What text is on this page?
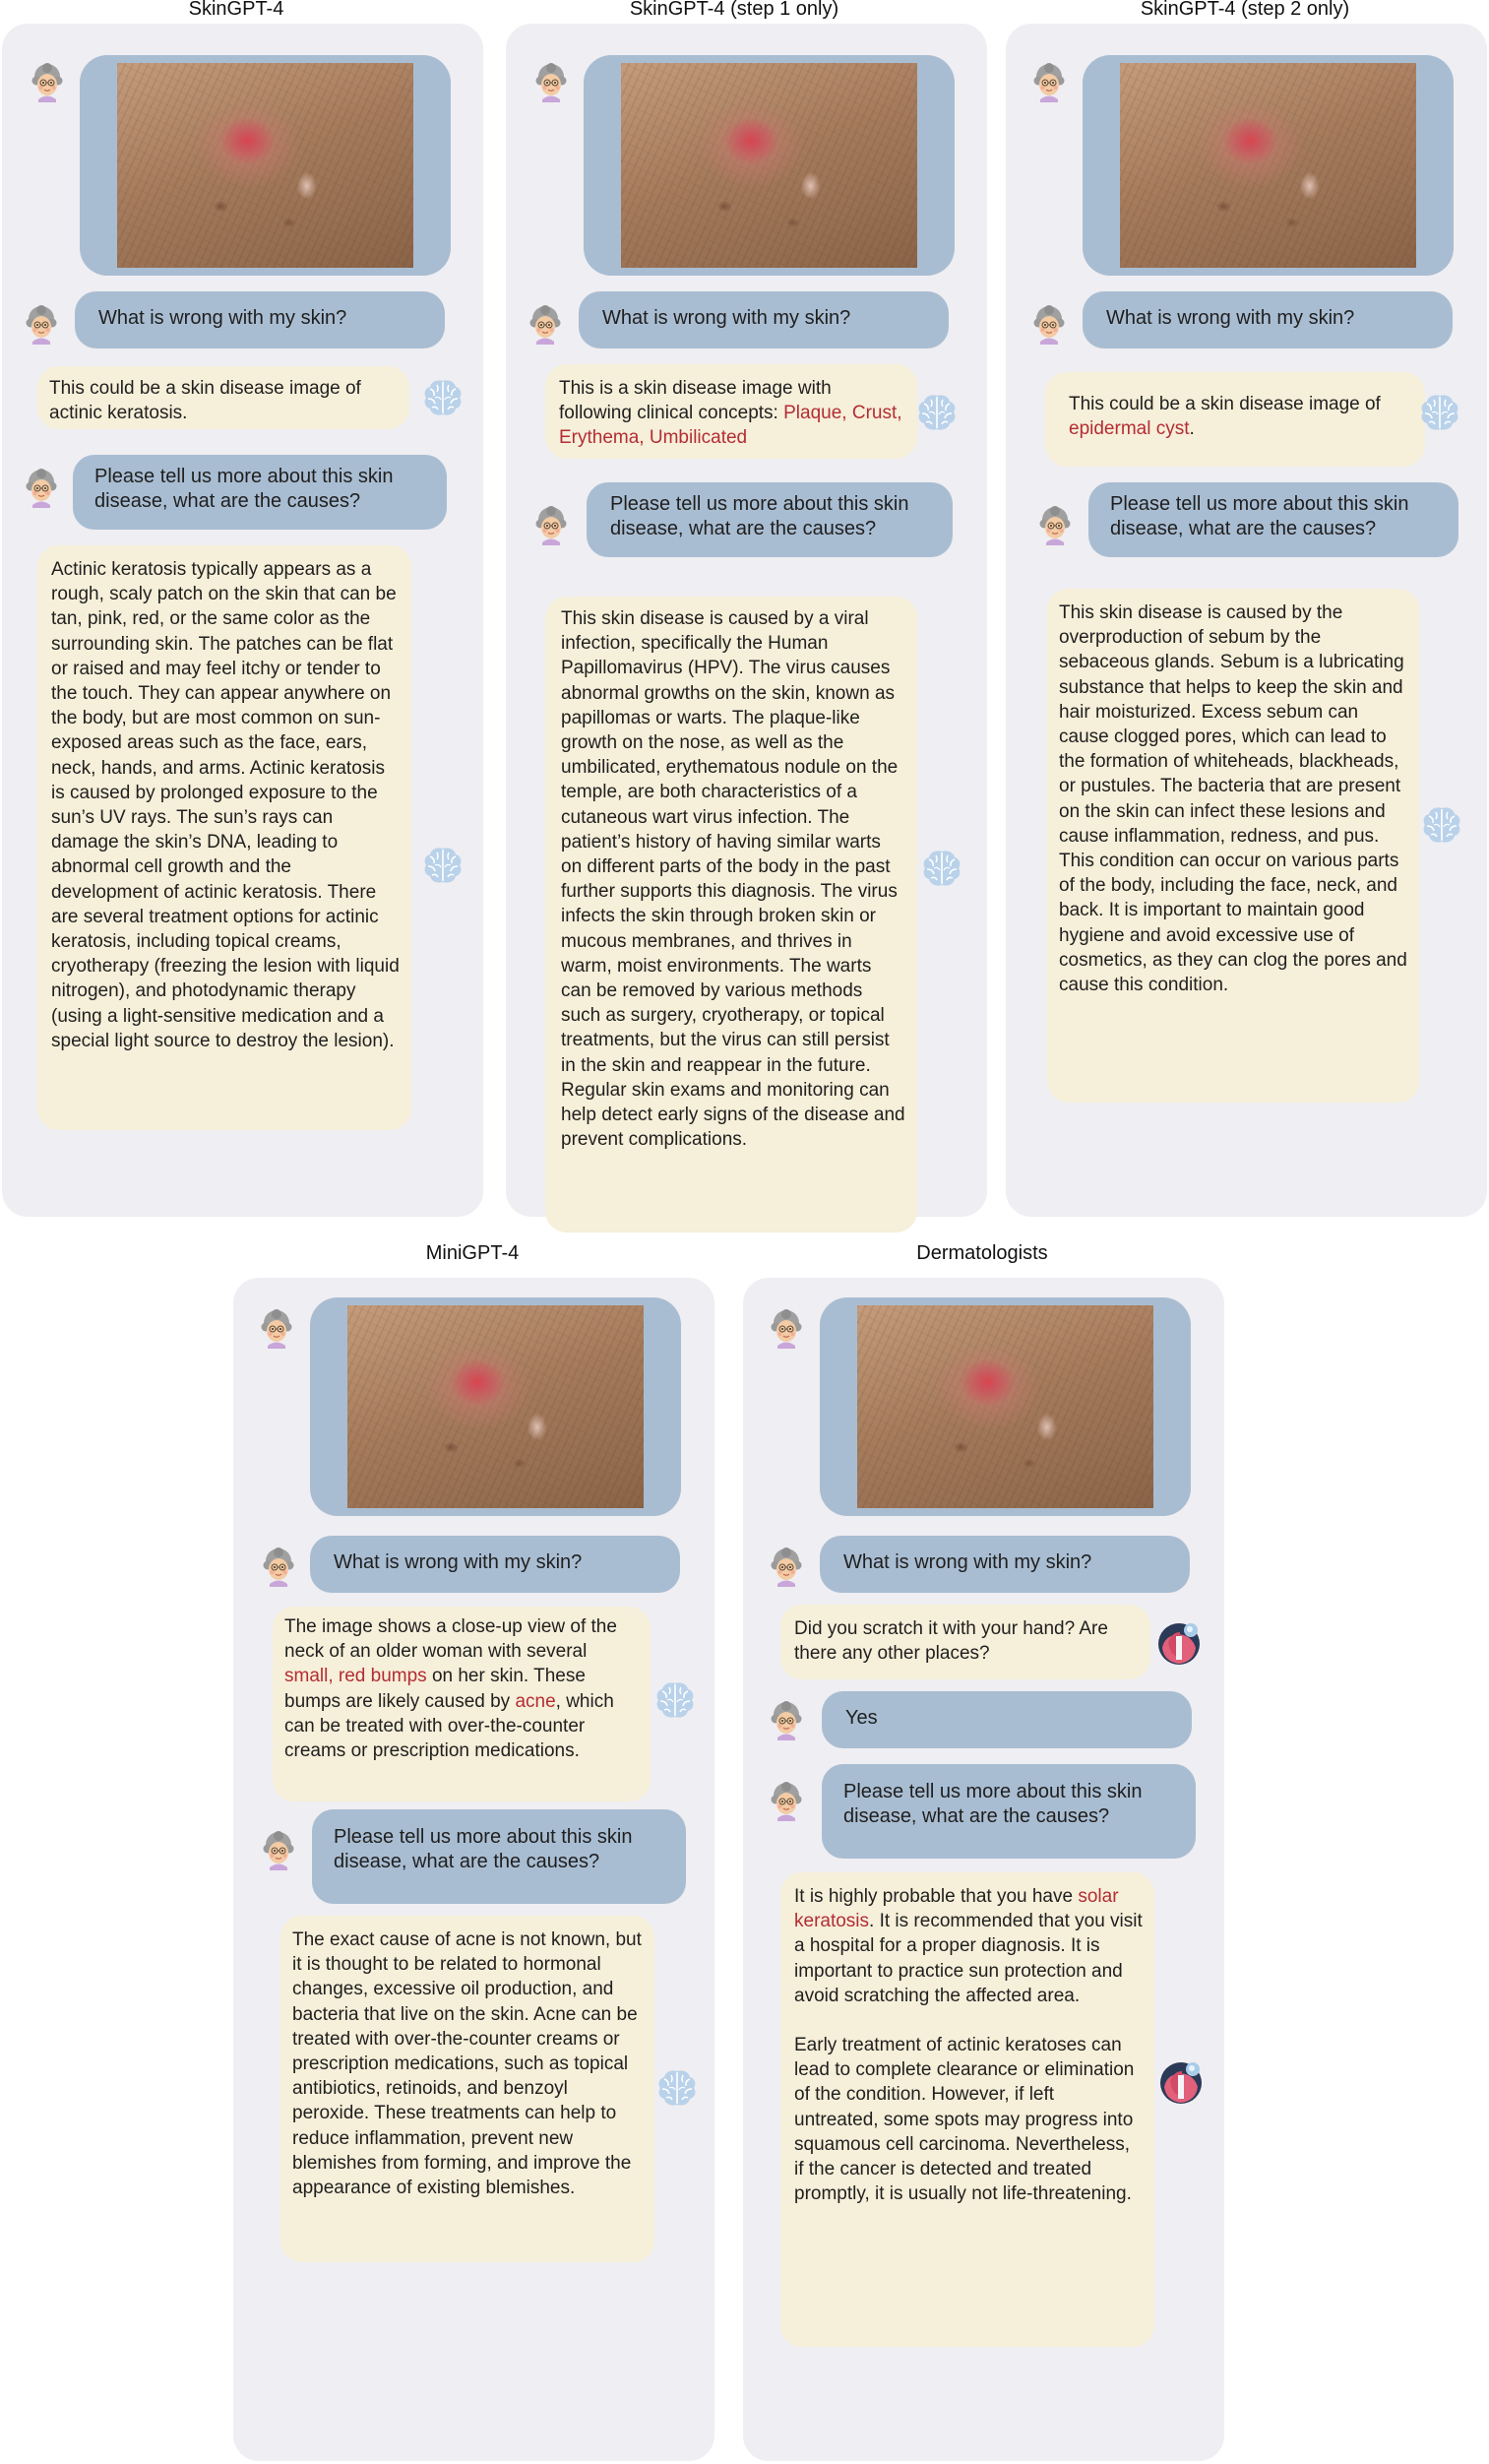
SkinGPT-4
What is wrong with my skin?
This could be a skin disease image of actinic keratosis.
Please tell us more about this skin disease, what are the causes?
Actinic keratosis typically appears as a rough, scaly patch on the skin that can be tan, pink, red, or the same color as the surrounding skin. The patches can be flat or raised and may feel itchy or tender to the touch. They can appear anywhere on the body, but are most common on sun-exposed areas such as the face, ears, neck, hands, and arms. Actinic keratosis is caused by prolonged exposure to the sun’s UV rays. The sun’s rays can damage the skin’s DNA, leading to abnormal cell growth and the development of actinic keratosis. There are several treatment options for actinic keratosis, including topical creams, cryotherapy (freezing the lesion with liquid nitrogen), and photodynamic therapy (using a light-sensitive medication and a special light source to destroy the lesion).
SkinGPT-4 (step 1 only)
What is wrong with my skin?
This is a skin disease image with following clinical concepts: Plaque, Crust, Erythema, Umbilicated
Please tell us more about this skin disease, what are the causes?
This skin disease is caused by a viral infection, specifically the Human Papillomavirus (HPV). The virus causes abnormal growths on the skin, known as papillomas or warts. The plaque-like growth on the nose, as well as the umbilicated, erythematous nodule on the temple, are both characteristics of a cutaneous wart virus infection. The patient’s history of having similar warts on different parts of the body in the past further supports this diagnosis. The virus infects the skin through broken skin or mucous membranes, and thrives in warm, moist environments. The warts can be removed by various methods such as surgery, cryotherapy, or topical treatments, but the virus can still persist in the skin and reappear in the future. Regular skin exams and monitoring can help detect early signs of the disease and prevent complications.
SkinGPT-4 (step 2 only)
What is wrong with my skin?
This could be a skin disease image of epidermal cyst.
Please tell us more about this skin disease, what are the causes?
This skin disease is caused by the overproduction of sebum by the sebaceous glands. Sebum is a lubricating substance that helps to keep the skin and hair moisturized. Excess sebum can cause clogged pores, which can lead to the formation of whiteheads, blackheads, or pustules. The bacteria that are present on the skin can infect these lesions and cause inflammation, redness, and pus. This condition can occur on various parts of the body, including the face, neck, and back. It is important to maintain good hygiene and avoid excessive use of cosmetics, as they can clog the pores and cause this condition.
MiniGPT-4
What is wrong with my skin?
The image shows a close-up view of the neck of an older woman with several small, red bumps on her skin. These bumps are likely caused by acne, which can be treated with over-the-counter creams or prescription medications.
Please tell us more about this skin disease, what are the causes?
The exact cause of acne is not known, but it is thought to be related to hormonal changes, excessive oil production, and bacteria that live on the skin. Acne can be treated with over-the-counter creams or prescription medications, such as topical antibiotics, retinoids, and benzoyl peroxide. These treatments can help to reduce inflammation, prevent new blemishes from forming, and improve the appearance of existing blemishes.
Dermatologists
What is wrong with my skin?
Did you scratch it with your hand? Are there any other places?
Yes
Please tell us more about this skin disease, what are the causes?
It is highly probable that you have solar keratosis. It is recommended that you visit a hospital for a proper diagnosis. It is important to practice sun protection and avoid scratching the affected area.
Early treatment of actinic keratoses can lead to complete clearance or elimination of the condition. However, if left untreated, some spots may progress into squamous cell carcinoma. Nevertheless, if the cancer is detected and treated promptly, it is usually not life-threatening.
